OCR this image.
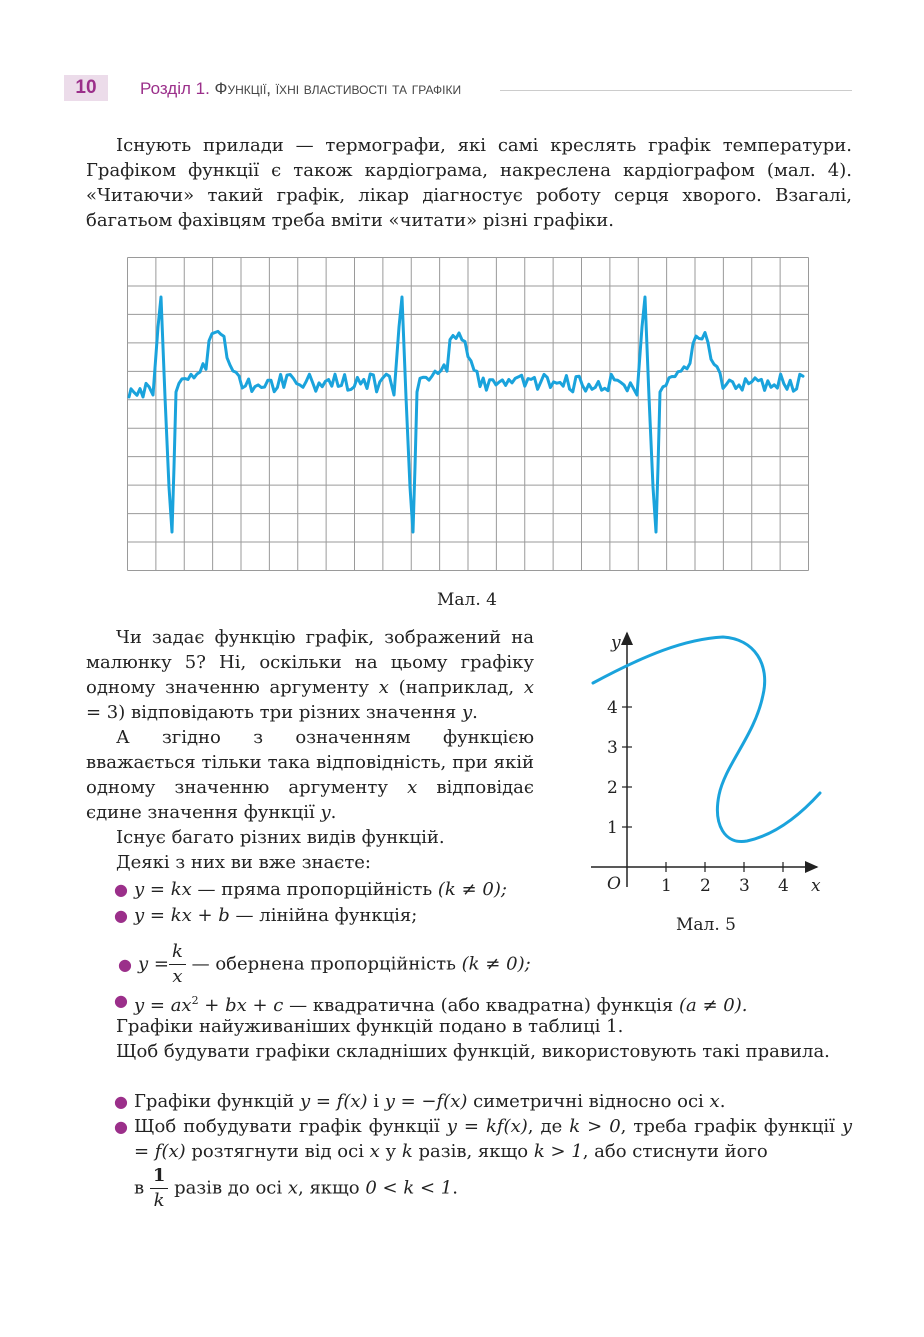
10	Розділ 1. Функції, їхні властивості та графіки
Існують прилади — термографи, які самі креслять графік температури. Графіком функції є також кардіограма, накреслена кардіографом (мал. 4). «Читаючи» такий графік, лікар діагностує роботу серця хворого. Взагалі, багатьом фахівцям треба вміти «читати» різні графіки.
Мал. 4
Чи задає функцію графік, зображений на малюнку 5? Ні, оскільки на цьому графіку одному значенню аргументу x (наприклад, x = 3) відповідають три різних значення y.
А згідно з означенням функцією вважається тільки така відповідність, при якій одному значенню аргументу x відповідає єдине значення функції y.
Існує багато різних видів функцій.
Деякі з них ви вже знаєте:
● y = kx — пряма пропорційність (k ≠ 0);
● y = kx + b — лінійна функція;
● $y = \frac{k}{x}$ — обернена пропорційність (k ≠ 0);
● $y = ax^2$ + bx + c — квадратична (або квадратна) функція (a ≠ 0).
Графіки найуживаніших функцій подано в таблиці 1.
Щоб будувати графіки складніших функцій, використовують такі правила.
● Графіки функцій y = f(x) і y = −f(x) симетричні відносно осі x.
● Щоб побудувати графік функції y = kf(x), де k > 0, треба графік функції y = f(x) розтягнути від осі x у k разів, якщо k > 1, або стиснути його
в $\frac{1}{k}$ разів до осі x, якщо 0 < k < 1.
y
x
O 1 2 3 4
1
2
3
4
Мал. 5
